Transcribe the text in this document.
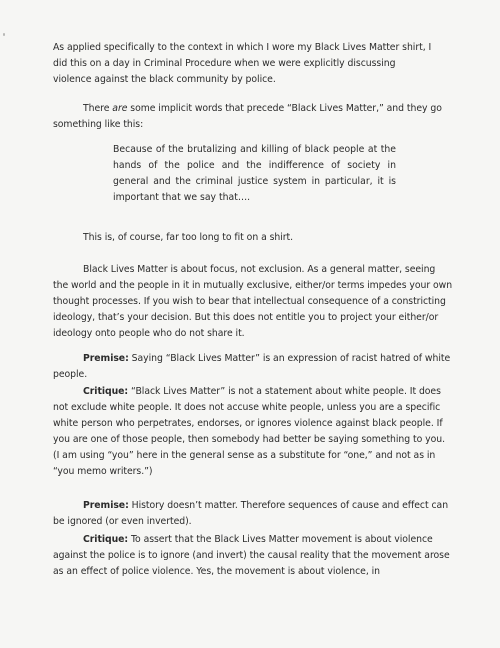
As applied specifically to the context in which I wore my Black Lives Matter shirt, I
did this on a day in Criminal Procedure when we were explicitly discussing
violence against the black community by police.

There are some implicit words that precede “Black Lives Matter,” and they go something like this:

Because of the brutalizing and killing of black people at the hands of the police and the indifference of society in general and the criminal justice system in particular, it is important that we say that….

This is, of course, far too long to fit on a shirt.

Black Lives Matter is about focus, not exclusion. As a general matter, seeing the world and the people in it in mutually exclusive, either/or terms impedes your own thought processes. If you wish to bear that intellectual consequence of a constricting ideology, that’s your decision. But this does not entitle you to project your either/or ideology onto people who do not share it.

Premise: Saying “Black Lives Matter” is an expression of racist hatred of white people.

Critique: “Black Lives Matter” is not a statement about white people. It does not exclude white people. It does not accuse white people, unless you are a specific white person who perpetrates, endorses, or ignores violence against black people. If you are one of those people, then somebody had better be saying something to you. (I am using “you” here in the general sense as a substitute for “one,” and not as in “you memo writers.”)

Premise: History doesn’t matter. Therefore sequences of cause and effect can be ignored (or even inverted).

Critique: To assert that the Black Lives Matter movement is about violence against the police is to ignore (and invert) the causal reality that the movement arose as an effect of police violence. Yes, the movement is about violence, in
